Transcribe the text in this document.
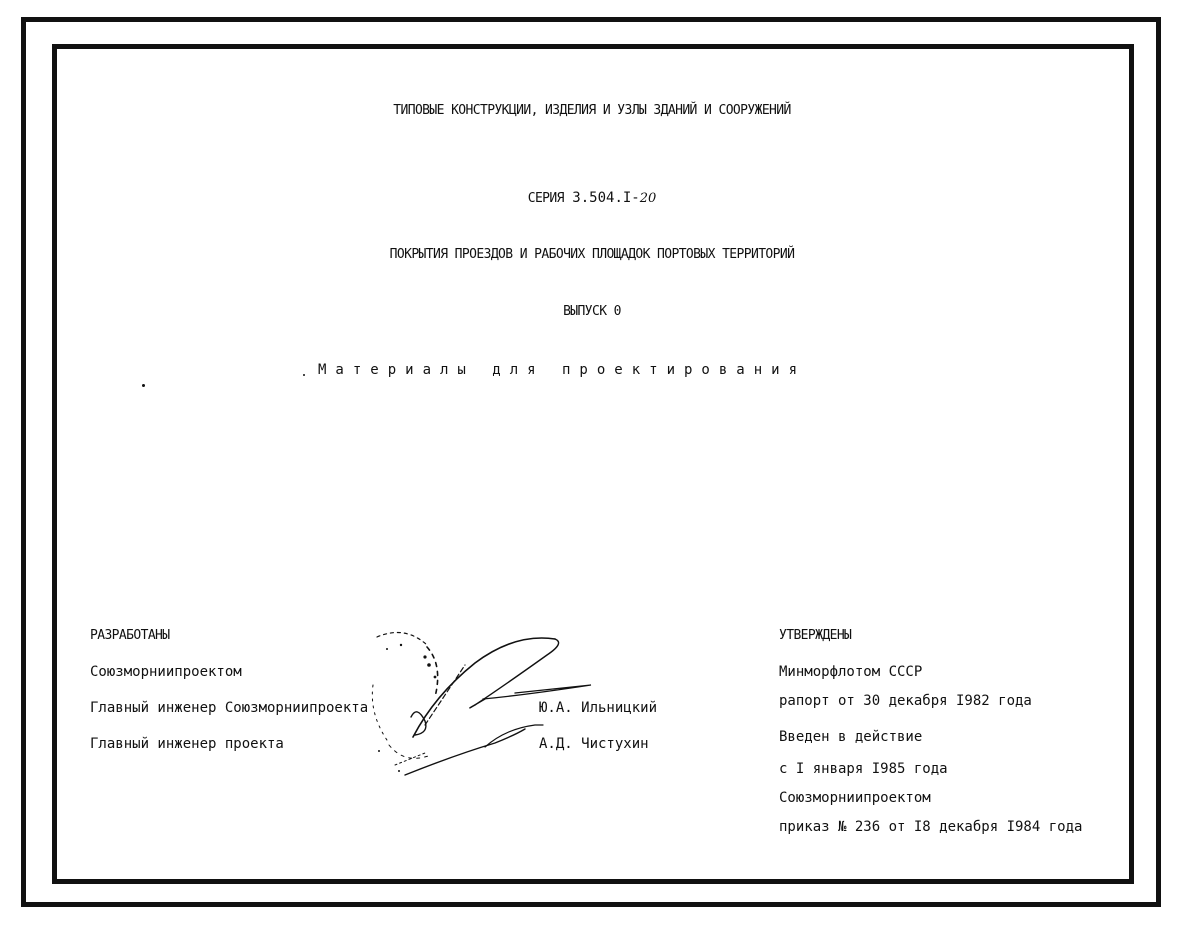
ТИПОВЫЕ КОНСТРУКЦИИ, ИЗДЕЛИЯ И УЗЛЫ ЗДАНИЙ И СООРУЖЕНИЙ
СЕРИЯ 3.504.I-20
ПОКРЫТИЯ ПРОЕЗДОВ И РАБОЧИХ ПЛОЩАДОК ПОРТОВЫХ ТЕРРИТОРИЙ
ВЫПУСК 0
Материалы для проектирования
РАЗРАБОТАНЫ
Союзморниипроектом
Главный инженер Союзморниипроекта	Ю.А. Ильницкий
Главный инженер проекта	А.Д. Чистухин
УТВЕРЖДЕНЫ
Минморфлотом СССР
рапорт от 30 декабря I982 года
Введен в действие
с I января I985 года
Союзморниипроектом
приказ № 236 от I8 декабря I984 года
